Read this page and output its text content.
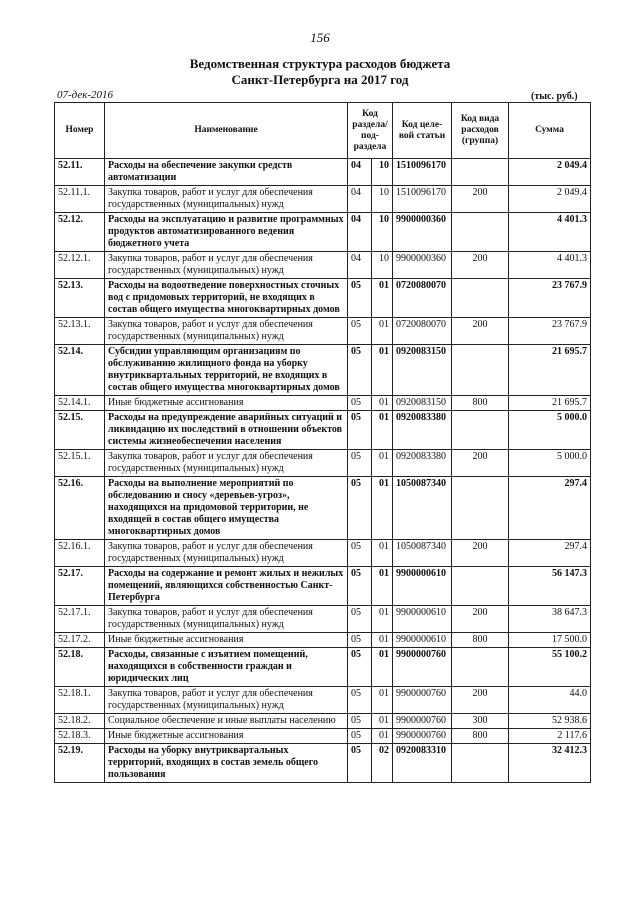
156
Ведомственная структура расходов бюджета
Санкт-Петербурга на 2017 год
07-дек-2016	(тыс. руб.)
Номер	Наименование	Код раздела/ под-раздела		Код целе-вой статьи	Код вида расходов (группа)	Сумма
52.11.	Расходы на обеспечение закупки средств автоматизации	04	10	1510096170		2 049.4
52.11.1.	Закупка товаров, работ и услуг для обеспечения государственных (муниципальных) нужд	04	10	1510096170	200	2 049.4
52.12.	Расходы на эксплуатацию и развитие программных продуктов автоматизированного ведения бюджетного учета	04	10	9900000360		4 401.3
52.12.1.	Закупка товаров, работ и услуг для обеспечения государственных (муниципальных) нужд	04	10	9900000360	200	4 401.3
52.13.	Расходы на водоотведение поверхностных сточных вод с придомовых территорий, не входящих в состав общего имущества многоквартирных домов	05	01	0720080070		23 767.9
52.13.1.	Закупка товаров, работ и услуг для обеспечения государственных (муниципальных) нужд	05	01	0720080070	200	23 767.9
52.14.	Субсидии управляющим организациям по обслуживанию жилищного фонда на уборку внутриквартальных территорий, не входящих в состав общего имущества многоквартирных домов	05	01	0920083150		21 695.7
52.14.1.	Иные бюджетные ассигнования	05	01	0920083150	800	21 695.7
52.15.	Расходы на предупреждение аварийных ситуаций и ликвидацию их последствий в отношении объектов системы жизнеобеспечения населения	05	01	0920083380		5 000.0
52.15.1.	Закупка товаров, работ и услуг для обеспечения государственных (муниципальных) нужд	05	01	0920083380	200	5 000.0
52.16.	Расходы на выполнение мероприятий по обследованию и сносу «деревьев-угроз», находящихся на придомовой территории, не входящей в состав общего имущества многоквартирных домов	05	01	1050087340		297.4
52.16.1.	Закупка товаров, работ и услуг для обеспечения государственных (муниципальных) нужд	05	01	1050087340	200	297.4
52.17.	Расходы на содержание и ремонт жилых и нежилых помещений, являющихся собственностью Санкт-Петербурга	05	01	9900000610		56 147.3
52.17.1.	Закупка товаров, работ и услуг для обеспечения государственных (муниципальных) нужд	05	01	9900000610	200	38 647.3
52.17.2.	Иные бюджетные ассигнования	05	01	9900000610	800	17 500.0
52.18.	Расходы, связанные с изъятием помещений, находящихся в собственности граждан и юридических лиц	05	01	9900000760		55 100.2
52.18.1.	Закупка товаров, работ и услуг для обеспечения государственных (муниципальных) нужд	05	01	9900000760	200	44.0
52.18.2.	Социальное обеспечение и иные выплаты населению	05	01	9900000760	300	52 938.6
52.18.3.	Иные бюджетные ассигнования	05	01	9900000760	800	2 117.6
52.19.	Расходы на уборку внутриквартальных территорий, входящих в состав земель общего пользования	05	02	0920083310		32 412.3
